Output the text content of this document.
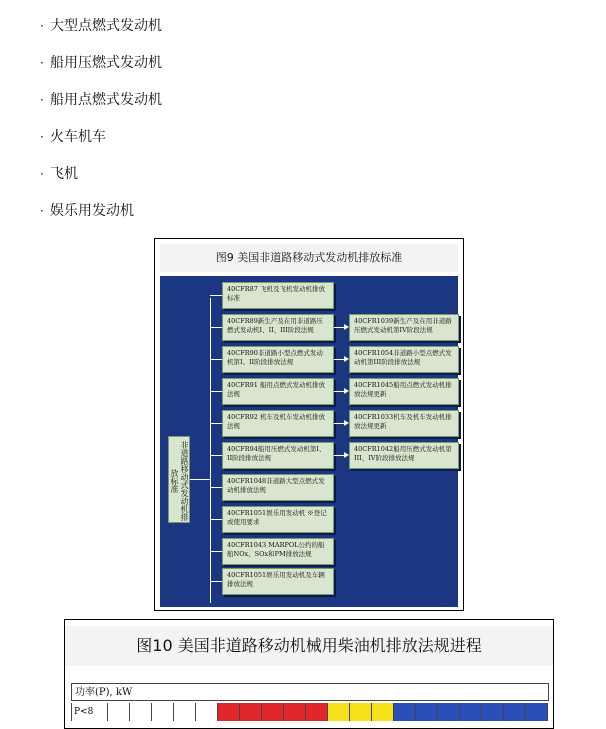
· 大型点燃式发动机
· 船用压燃式发动机
· 船用点燃式发动机
· 火车机车
· 飞机
· 娱乐用发动机
图9 美国非道路移动式发动机排放标准
非道路移动式发动机排放标准
40CFR87 飞机及飞机发动机排放标准
40CFR89新生产及在用非道路压燃式发动机I、II、III阶段法规
40CFR90非道路小型点燃式发动机第I、II阶段排放法规
40CFR91 船用点燃式发动机排放法规
40CFR92 机车及机车发动机排放法规
40CFR94船用压燃式发动机第I、II阶段排放法规
40CFR1048非道路大型点燃式发动机排放法规
40CFR1051娱乐用发动机 ※登记或使用要求
40CFR1043 MARPOL公约的船舶NOx、SOx和PM排放法规
40CFR1051娱乐用发动机及车辆排放法规
40CFR1039新生产及在用非道路压燃式发动机第IV阶段法规
40CFR1054非道路小型点燃式发动机第III阶段排放法规
40CFR1045船用点燃式发动机排放法规更新
40CFR1033机车及机车发动机排放法规更新
40CFR1042船用压燃式发动机第III、IV阶段排放法规
图10 美国非道路移动机械用柴油机排放法规进程
功率(P), kW
P<8
